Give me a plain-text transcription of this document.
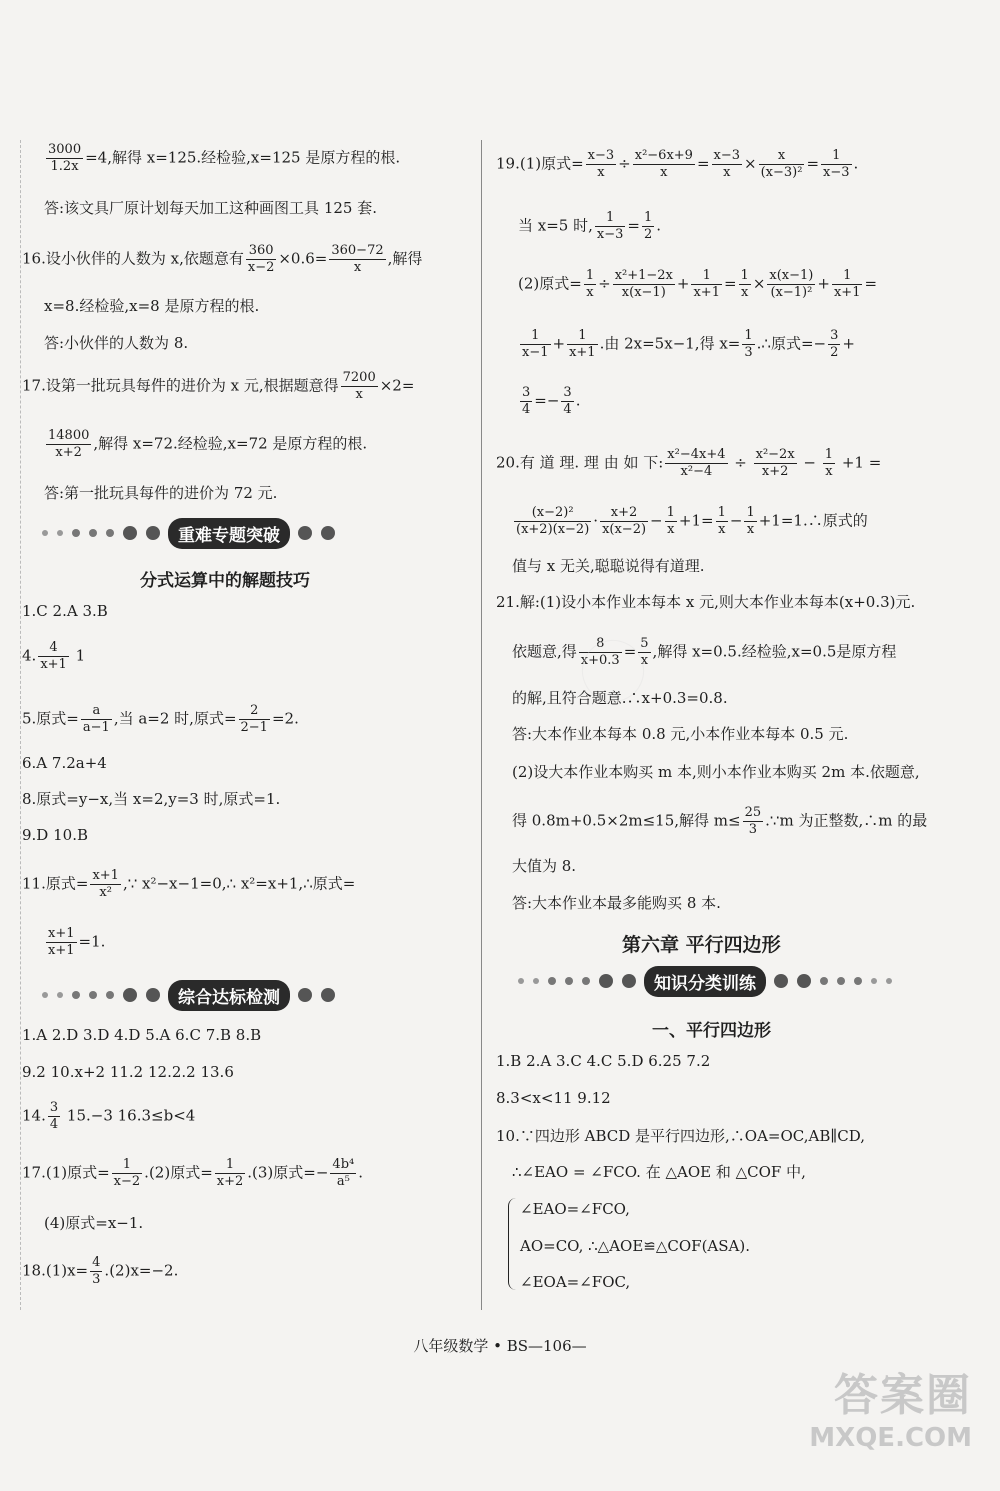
$\frac{3000}{1.2x} =4$,解得 x=125.经检验,x=125 是原方程的根.
答:该文具厂原计划每天加工这种画图工具 125 套.
16.设小伙伴的人数为 x,依题意有 $\frac{360}{x-2} \times 0.6= \frac{360-72}{x}$ ,解得
x=8.经检验,x=8 是原方程的根.
答:小伙伴的人数为 8.
17.设第一批玩具每件的进价为 x 元,根据题意得 $\frac{7200}{x} \times 2=$
$\frac{14800}{x+2}$ ,解得 x=72.经检验,x=72 是原方程的根.
答:第一批玩具每件的进价为 72 元.
重难专题突破
分式运算中的解题技巧
1.C 2.A 3.B
4. $\frac{4}{x+1} 1$
5.原式= $\frac{a}{a-1}$ ,当 a=2 时,原式= $\frac{2}{2-1} =2$.
6.A 7.2a+4
8.原式=y−x,当 x=2,y=3 时,原式=1.
9.D 10.B
11.原式= $\frac{x+1}{\text{x²}}$ ,∵ x²−x−1=0,∴ x²=x+1,∴原式=
$\frac{x+1}{x+1} =1$.
综合达标检测
1.A 2.D 3.D 4.D 5.A 6.C 7.B 8.B
9.2 10.x+2 11.2 12.2.2 13.6
14. $\frac{3}{4} 15.-3$ 16.3≤b<4
17.(1)原式= $\frac{1}{x-2} .(2)$原式= $\frac{1}{x+2} .(3)$原式=− $\frac{\text{4b⁴}}{\text{a⁵}}$ .
(4)原式=x−1.
$18.(1)x= \frac{4}{3} .(2)x=-2$.
19.(1)原式= $\frac{x-3}{x} \div \frac{\text{x²−6x+9}}{x} = \frac{x-3}{x} \times \frac{x}{\text{(x−3)²}} = \frac{1}{x-3}$ .
当 x=5 时, $\frac{1}{x-3} = \frac{1}{2}$ .
(2)原式= $\frac{1}{x} \div \frac{\text{x²+1−2x}}{x(x-1)} + \frac{1}{x+1} = \frac{1}{x} \times \frac{x(x-1)}{\text{(x−1)²}} + \frac{1}{x+1}$ =
$\frac{1}{x-1} + \frac{1}{x+1}$ .由 2x=5x−1,得 $x= \frac{1}{3}$ .∴原式=− $\frac{3}{2}$ +
$\frac{3}{4} =- \frac{3}{4}$ .
20.有 道 理. 理 由 如 下: $\frac{\text{x²−4x+4}}{\text{x²−4}} \div \frac{\text{x²−2x}}{x+2} - \frac{1}{x} +1$ =
$\frac{\text{(x−2)²}}{(x+2)(x-2)} \cdot \frac{x+2}{x(x-2)} - \frac{1}{x} +1= \frac{1}{x} - \frac{1}{x}$ +1=1.∴原式的
值与 x 无关,聪聪说得有道理.
21.解:(1)设小本作业本每本 x 元,则大本作业本每本(x+0.3)元.
依题意,得 $\frac{8}{x+0.3} = \frac{5}{x}$ ,解得 x=0.5.经检验,x=0.5是原方程
的解,且符合题意.∴x+0.3=0.8.
答:大本作业本每本 0.8 元,小本作业本每本 0.5 元.
(2)设大本作业本购买 m 本,则小本作业本购买 2m 本.依题意,
得 0.8m+0.5×2m≤15,解得 $m\le \frac{25}{3}$ .∵m 为正整数,∴m 的最
大值为 8.
答:大本作业本最多能购买 8 本.
第六章 平行四边形
知识分类训练
一、平行四边形
1.B 2.A 3.C 4.C 5.D 6.25 7.2
8.3<x<11 9.12
10.∵四边形 ABCD 是平行四边形,∴OA=OC,AB∥CD,
∴∠EAO = ∠FCO. 在 △AOE 和 △COF 中,
∠EAO=∠FCO,
AO=CO, ∴△AOE≌△COF(ASA).
∠EOA=∠FOC,
八年级数学 • BS—106—
答案圈
MXQE.COM
